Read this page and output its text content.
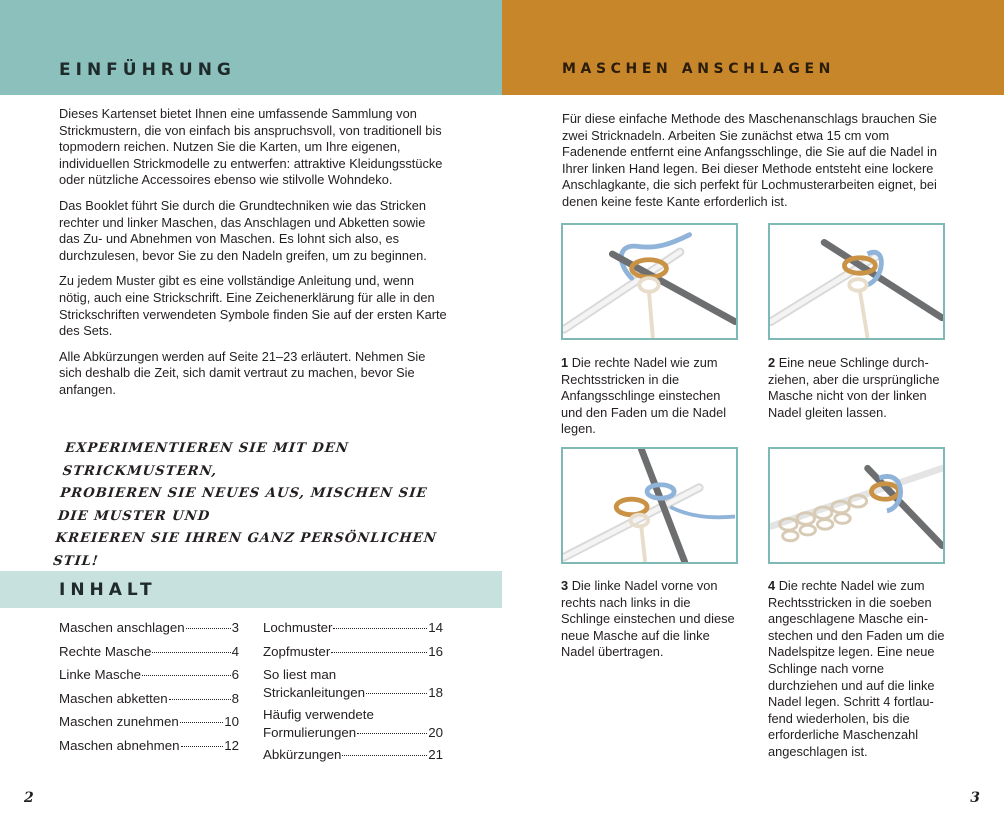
EINFÜHRUNG

Dieses Kartenset bietet Ihnen eine umfassende Sammlung von Strickmustern, die von einfach bis anspruchsvoll, von traditionell bis topmodern reichen. Nutzen Sie die Karten, um Ihre eigenen, individuellen Strickmodelle zu entwerfen: attraktive Kleidungsstücke oder nützliche Accessoires ebenso wie stilvolle Wohndeko.

Das Booklet führt Sie durch die Grundtechniken wie das Stricken rechter und linker Maschen, das Anschlagen und Abketten sowie das Zu- und Abnehmen von Maschen. Es lohnt sich also, es durchzulesen, bevor Sie zu den Nadeln greifen, um zu beginnen.

Zu jedem Muster gibt es eine vollständige Anleitung und, wenn nötig, auch eine Strickschrift. Eine Zeichenerklärung für alle in den Strickschriften verwendeten Symbole finden Sie auf der ersten Karte des Sets.

Alle Abkürzungen werden auf Seite 21–23 erläutert. Nehmen Sie sich deshalb die Zeit, sich damit vertraut zu machen, bevor Sie anfangen.

EXPERIMENTIEREN SIE MIT DEN STRICKMUSTERN,
PROBIEREN SIE NEUES AUS, MISCHEN SIE DIE MUSTER UND
KREIEREN SIE IHREN GANZ PERSÖNLICHEN STIL!
INHALT
Maschen anschlagen	3
Rechte Masche	4
Linke Masche	6
Maschen abketten	8
Maschen zunehmen	10
Maschen abnehmen	12
Lochmuster	14
Zopfmuster	16
So liest man
Strickanleitungen	18
Häufig verwendete
Formulierungen	20
Abkürzungen	21
2
MASCHEN ANSCHLAGEN
Für diese einfache Methode des Maschenanschlags brauchen Sie zwei Stricknadeln. Arbeiten Sie zunächst etwa 15 cm vom Fadenende entfernt eine Anfangsschlinge, die Sie auf die Nadel in Ihrer linken Hand legen. Bei dieser Methode entsteht eine lockere Anschlagkante, die sich perfekt für Lochmusterarbeiten eignet, bei denen keine feste Kante erforderlich ist.
1 Die rechte Nadel wie zum Rechtsstricken in die Anfangsschlinge einstechen und den Faden um die Nadel legen.
2 Eine neue Schlinge durchziehen, aber die ursprüngliche Masche nicht von der linken Nadel gleiten lassen.
3 Die linke Nadel vorne von rechts nach links in die Schlinge einstechen und diese neue Masche auf die linke Nadel übertragen.
4 Die rechte Nadel wie zum Rechtsstricken in die soeben angeschlagene Masche einstechen und den Faden um die Nadelspitze legen. Eine neue Schlinge nach vorne durchziehen und auf die linke Nadel legen. Schritt 4 fortlaufend wiederholen, bis die erforderliche Maschenzahl angeschlagen ist.
3
